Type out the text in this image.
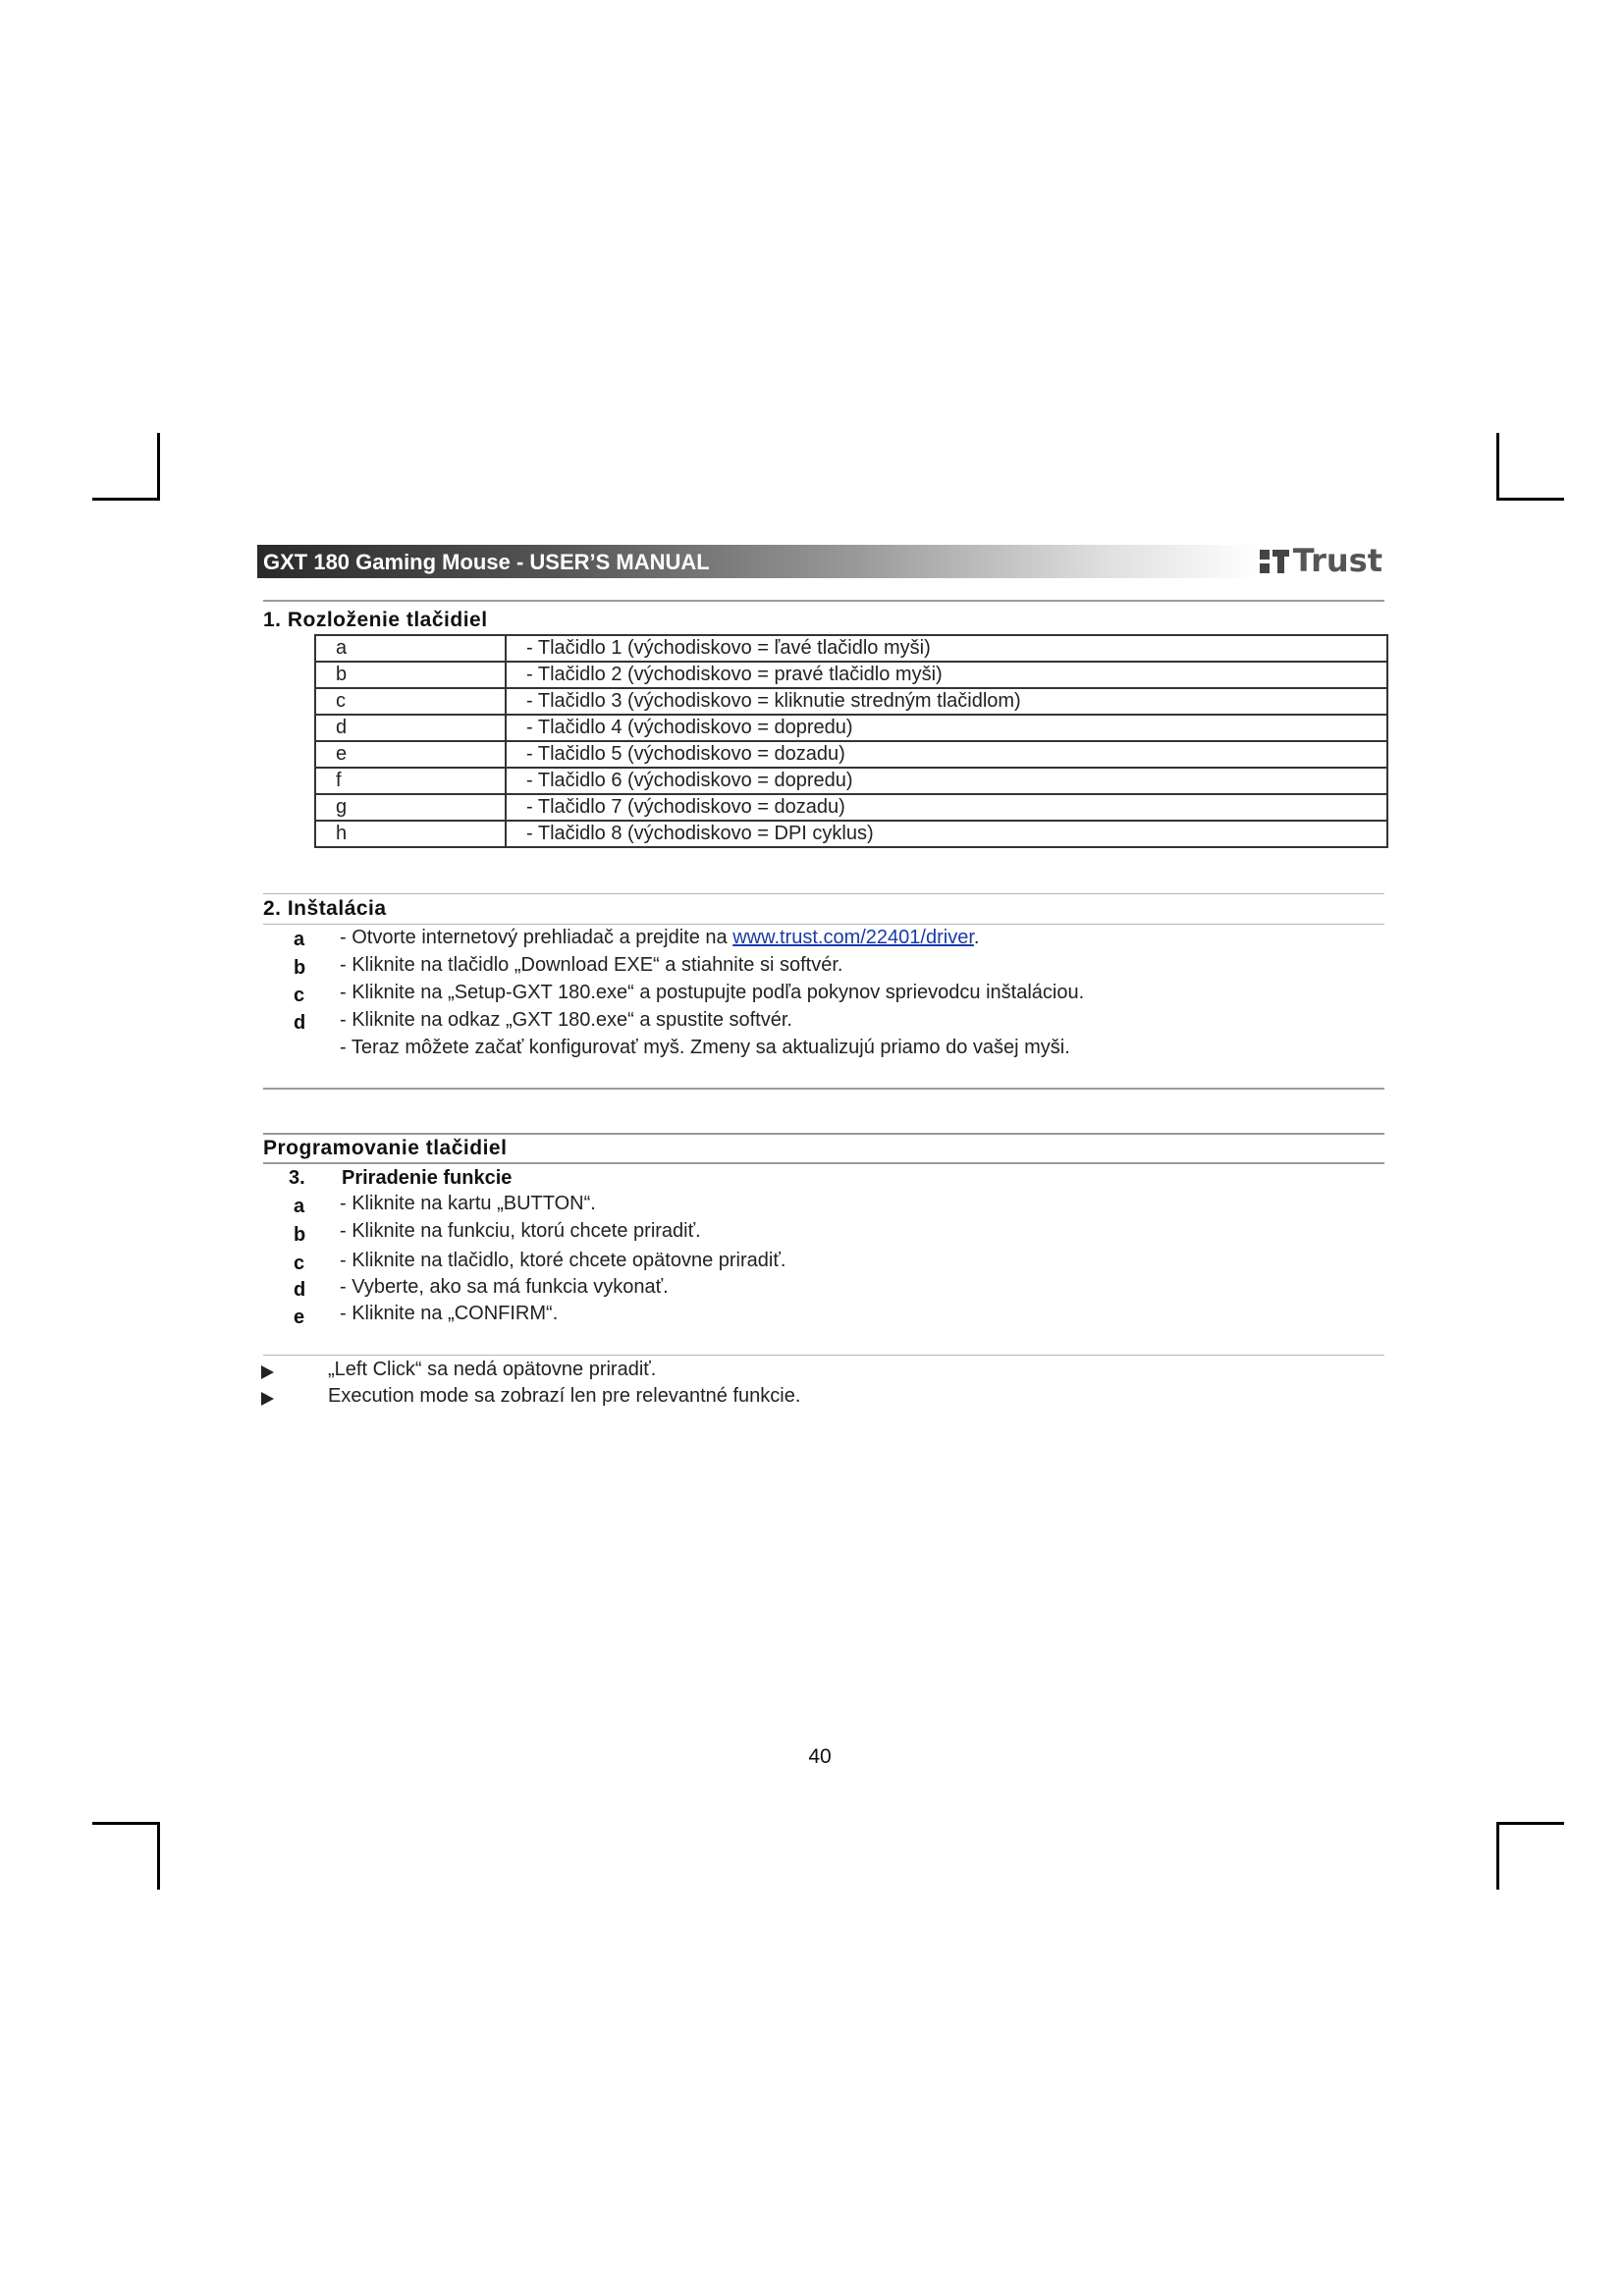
GXT 180 Gaming Mouse - USER’S MANUAL	Trust
1. Rozloženie tlačidiel
a	- Tlačidlo 1 (východiskovo = ľavé tlačidlo myši)
b	- Tlačidlo 2 (východiskovo = pravé tlačidlo myši)
c	- Tlačidlo 3 (východiskovo = kliknutie stredným tlačidlom)
d	- Tlačidlo 4 (východiskovo = dopredu)
e	- Tlačidlo 5 (východiskovo = dozadu)
f	- Tlačidlo 6 (východiskovo = dopredu)
g	- Tlačidlo 7 (východiskovo = dozadu)
h	- Tlačidlo 8 (východiskovo = DPI cyklus)
2. Inštalácia
a - Otvorte internetový prehliadač a prejdite na www.trust.com/22401/driver.
b - Kliknite na tlačidlo „Download EXE“ a stiahnite si softvér.
c - Kliknite na „Setup-GXT 180.exe“ a postupujte podľa pokynov sprievodcu inštaláciou.
d - Kliknite na odkaz „GXT 180.exe“ a spustite softvér.
- Teraz môžete začať konfigurovať myš. Zmeny sa aktualizujú priamo do vašej myši.
Programovanie tlačidiel
3. Priradenie funkcie
a - Kliknite na kartu „BUTTON“.
b - Kliknite na funkciu, ktorú chcete priradiť.
c - Kliknite na tlačidlo, ktoré chcete opätovne priradiť.
d - Vyberte, ako sa má funkcia vykonať.
e - Kliknite na „CONFIRM“.
„Left Click“ sa nedá opätovne priradiť.
Execution mode sa zobrazí len pre relevantné funkcie.
40
